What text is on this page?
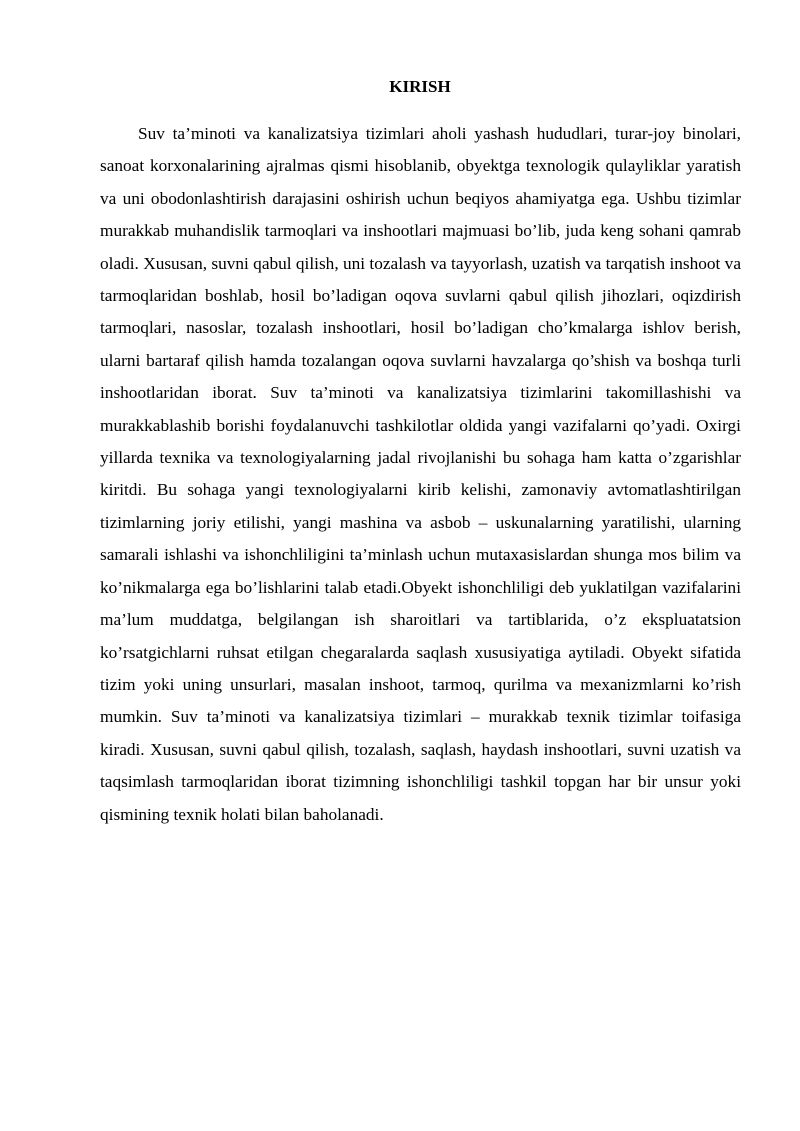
KIRISH

Suv ta’minoti va kanalizatsiya tizimlari aholi yashash hududlari, turar-joy binolari, sanoat korxonalarining ajralmas qismi hisoblanib, obyektga texnologik qulayliklar yaratish va uni obodonlashtirish darajasini oshirish uchun beqiyos ahamiyatga ega. Ushbu tizimlar murakkab muhandislik tarmoqlari va inshootlari majmuasi bo’lib, juda keng sohani qamrab oladi. Xususan, suvni qabul qilish, uni tozalash va tayyorlash, uzatish va tarqatish inshoot va tarmoqlaridan boshlab, hosil bo’ladigan oqova suvlarni qabul qilish jihozlari, oqizdirish tarmoqlari, nasoslar, tozalash inshootlari, hosil bo’ladigan cho’kmalarga ishlov berish, ularni bartaraf qilish hamda tozalangan oqova suvlarni havzalarga qo’shish va boshqa turli inshootlaridan iborat. Suv ta’minoti va kanalizatsiya tizimlarini takomillashishi va murakkablashib borishi foydalanuvchi tashkilotlar oldida yangi vazifalarni qo’yadi. Oxirgi yillarda texnika va texnologiyalarning jadal rivojlanishi bu sohaga ham katta o’zgarishlar kiritdi. Bu sohaga yangi texnologiyalarni kirib kelishi, zamonaviy avtomatlashtirilgan tizimlarning joriy etilishi, yangi mashina va asbob – uskunalarning yaratilishi, ularning samarali ishlashi va ishonchliligini ta’minlash uchun mutaxasislardan shunga mos bilim va ko’nikmalarga ega bo’lishlarini talab etadi.Obyekt ishonchliligi deb yuklatilgan vazifalarini ma’lum muddatga, belgilangan ish sharoitlari va tartiblarida, o’z ekspluatatsion ko’rsatgichlarni ruhsat etilgan chegaralarda saqlash xususiyatiga aytiladi. Obyekt sifatida tizim yoki uning unsurlari, masalan inshoot, tarmoq, qurilma va mexanizmlarni ko’rish mumkin. Suv ta’minoti va kanalizatsiya tizimlari – murakkab texnik tizimlar toifasiga kiradi. Xususan, suvni qabul qilish, tozalash, saqlash, haydash inshootlari, suvni uzatish va taqsimlash tarmoqlaridan iborat tizimning ishonchliligi tashkil topgan har bir unsur yoki qismining texnik holati bilan baholanadi.
